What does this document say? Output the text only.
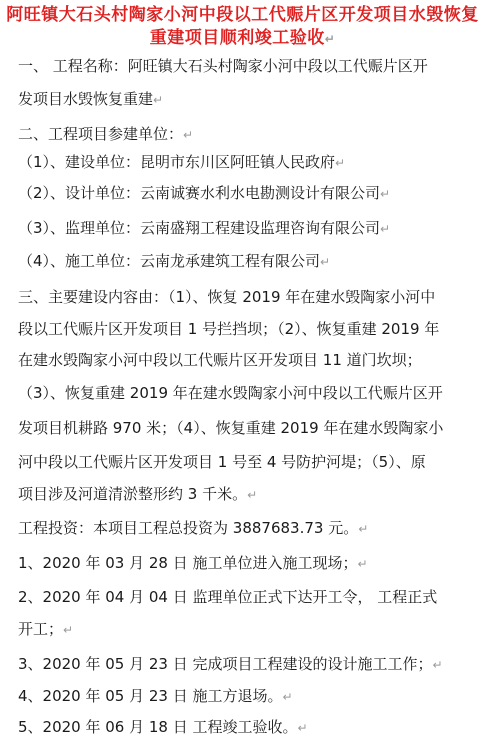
阿旺镇大石头村陶家小河中段以工代赈片区开发项目水毁恢复
重建项目顺利竣工验收↵
一、 工程名称：阿旺镇大石头村陶家小河中段以工代赈片区开
发项目水毁恢复重建↵
二、工程项目参建单位：↵
（1）、建设单位：昆明市东川区阿旺镇人民政府↵
（2）、设计单位：云南诚赛水利水电勘测设计有限公司↵
（3）、监理单位：云南盛翔工程建设监理咨询有限公司↵
（4）、施工单位：云南龙承建筑工程有限公司↵
三、主要建设内容由：（1）、恢复 2019 年在建水毁陶家小河中
段以工代赈片区开发项目 1 号拦挡坝；（2）、恢复重建 2019 年
在建水毁陶家小河中段以工代赈片区开发项目 11 道门坎坝；
（3）、恢复重建 2019 年在建水毁陶家小河中段以工代赈片区开
发项目机耕路 970 米；（4）、恢复重建 2019 年在建水毁陶家小
河中段以工代赈片区开发项目 1 号至 4 号防护河堤；（5）、原
项目涉及河道清淤整形约 3 千米。↵
工程投资：本项目工程总投资为 3887683.73 元。↵
1、2020 年 03 月 28 日 施工单位进入施工现场；↵
2、2020 年 04 月 04 日 监理单位正式下达开工令， 工程正式
开工；↵
3、2020 年 05 月 23 日 完成项目工程建设的设计施工工作；↵
4、2020 年 05 月 23 日 施工方退场。↵
5、2020 年 06 月 18 日 工程竣工验收。↵
